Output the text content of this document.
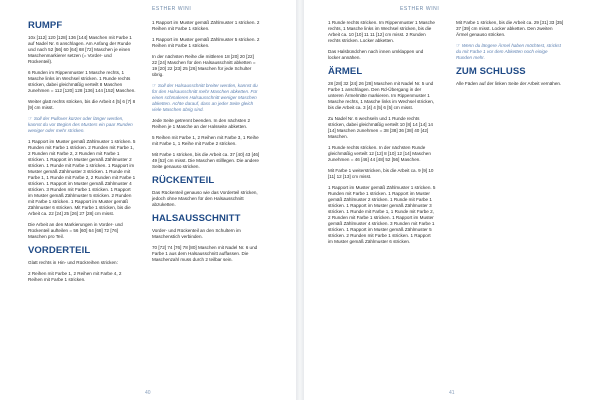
ESTHER WINI
RUMPF

10x [112] 120 [128] 136 [144] Maschen mit Farbe 1 auf Nadel Nr. 6 anschlagen. Am Anfang der Runde und nach 52 [56] 60 [64] 68 [72] Maschen je einen Maschenmarkierer setzen (= Vorder- und Rückenteil).

6 Runden im Rippenmuster 1 Masche rechts, 1 Masche links im Wechsel stricken. 1 Runde rechts stricken, dabei gleichmäßig verteilt 8 Maschen zunehmen = 112 [120] 128 [136] 144 [152] Maschen.

Weiter glatt rechts stricken, bis die Arbeit 4 [5] 6 [7] 8 [9] cm misst.

☞ Soll der Pullover kürzer oder länger werden, kannst du vor Beginn des Musters ein paar Runden weniger oder mehr stricken.

1 Rapport im Muster gemäß Zählmuster 1 stricken. 5 Runden mit Farbe 1 stricken. 2 Runden mit Farbe 1, 2 Runden mit Farbe 2, 2 Runden mit Farbe 1 stricken. 1 Rapport im Muster gemäß Zählmuster 2 stricken. 1 Runde mit Farbe 1 stricken. 1 Rapport im Muster gemäß Zählmuster 3 stricken. 1 Runde mit Farbe 1, 1 Runde mit Farbe 2, 2 Runden mit Farbe 1 stricken. 1 Rapport im Muster gemäß Zählmuster 4 stricken. 3 Runden mit Farbe 1 stricken. 1 Rapport im Muster gemäß Zählmuster 5 stricken. 2 Runden mit Farbe 1 stricken. 1 Rapport im Muster gemäß Zählmuster 6 stricken. Mit Farbe 1 stricken, bis die Arbeit ca. 22 [24] 25 [26] 27 [28] cm misst.

Die Arbeit an den Markierungen in Vorder- und Rückenteil aufteilen = 56 [60] 64 [68] 72 [76] Maschen pro Teil.

VORDERTEIL

Glatt rechts in Hin- und Rückreihen stricken:

2 Reihen mit Farbe 1, 2 Reihen mit Farbe 4, 2 Reihen mit Farbe 1 stricken.

1 Rapport im Muster gemäß Zählmuster 1 stricken. 2 Reihen mit Farbe 1 stricken.

1 Rapport im Muster gemäß Zählmuster 5 stricken. 2 Reihen mit Farbe 1 stricken.

In der nächsten Reihe die mittleren 18 [20] 20 [22] 22 [24] Maschen für den Halsausschnitt abketten = 19 [20] 22 [23] 25 [26] Maschen für jede Schulter übrig.

☞ Soll der Halsausschnitt breiter werden, kannst du für den Halsausschnitt mehr Maschen abketten. Für einen schmaleren Halsausschnitt weniger Maschen abketten. Achte darauf, dass an jeder Seite gleich viele Maschen übrig sind.

Jede Seite getrennt beenden. In den nächsten 2 Reihen je 1 Masche an der Halsseite abketten.

5 Reihen mit Farbe 1, 2 Reihen mit Farbe 3, 1 Reihe mit Farbe 1, 1 Reihe mit Farbe 2 stricken.

Mit Farbe 1 stricken, bis die Arbeit ca. 37 [40] 43 [46] 49 [52] cm misst. Die Maschen stilllegen. Die andere Seite genauso stricken.

RÜCKENTEIL

Das Rückenteil genauso wie das Vorderteil stricken, jedoch ohne Maschen für den Halsausschnitt abzuketten.

HALSAUSSCHNITT

Vorder- und Rückenteil an den Schultern im Maschenstich verbinden.

70 [72] 74 [76] 78 [80] Maschen mit Nadel Nr. 6 und Farbe 1 aus dem Halsausschnitt auffassen. Die Maschenzahl muss durch 2 teilbar sein.

40
ESTHER WINI

1 Runde rechts stricken. Im Rippenmuster 1 Masche rechts, 1 Masche links im Wechsel stricken, bis die Arbeit ca. 10 [10] 11 11 [12] cm misst. 2 Runden rechts stricken. Locker abketten.

Das Halsbündchen nach innen umklappen und locker annähen.

ÄRMEL

28 [28] 32 [24] 26 [28] Maschen mit Nadel Nr. 5 und Farbe 1 anschlagen. Den Rd-Übergang in der unteren Ärmelmitte markieren. Im Rippenmuster 1 Masche rechts, 1 Masche links im Wechsel stricken, bis die Arbeit ca. 3 [4] 4 [5] 6 [5] cm misst.

Zu Nadel Nr. 6 wechseln und 1 Runde rechts stricken, dabei gleichmäßig verteilt 10 [8] 14 [14] 14 [14] Maschen zunehmen = 38 [38] 36 [38] 40 [42] Maschen.

1 Runde rechts stricken. In der nächsten Runde gleichmäßig verteilt 12 [12] 8 [10] 12 [14] Maschen zunehmen = 46 [46] 44 [48] 52 [56] Maschen.

Mit Farbe 1 weiterstricken, bis die Arbeit ca. 9 [9] 10 [11] 12 [13] cm misst.

1 Rapport im Muster gemäß Zählmuster 1 stricken. 5 Runden mit Farbe 1 stricken. 1 Rapport im Muster gemäß Zählmuster 2 stricken. 1 Runde mit Farbe 1 stricken. 1 Rapport im Muster gemäß Zählmuster 3 stricken. 1 Runde mit Farbe 1, 1 Runde mit Farbe 2, 2 Runden mit Farbe 1 stricken. 1 Rapport im Muster gemäß Zählmuster 4 stricken. 3 Runden mit Farbe 1 stricken. 1 Rapport im Muster gemäß Zählmuster 5 stricken. 2 Runden mit Farbe 1 stricken. 1 Rapport im Muster gemäß Zählmuster 6 stricken.

Mit Farbe 1 stricken, bis die Arbeit ca. 29 [31] 33 [35] 37 [39] cm misst. Locker abketten. Den zweiten Ärmel genauso stricken.

☞ Wenn du längere Ärmel haben möchtest, strickst du mit Farbe 1 vor dem Abketten noch einige Runden mehr.

ZUM SCHLUSS

Alle Fäden auf der linken Seite der Arbeit vernähen.

41
